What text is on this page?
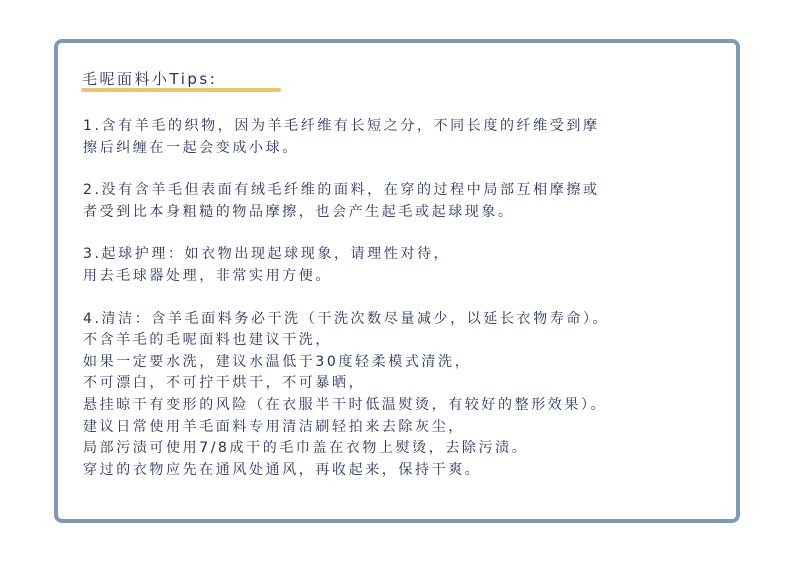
毛呢面料小Tips:
1.含有羊毛的织物，因为羊毛纤维有长短之分，不同长度的纤维受到摩
擦后纠缠在一起会变成小球。
2.没有含羊毛但表面有绒毛纤维的面料，在穿的过程中局部互相摩擦或
者受到比本身粗糙的物品摩擦，也会产生起毛或起球现象。
3.起球护理：如衣物出现起球现象，请理性对待，
用去毛球器处理，非常实用方便。
4.清洁：含羊毛面料务必干洗（干洗次数尽量减少，以延长衣物寿命）。
不含羊毛的毛呢面料也建议干洗，
如果一定要水洗，建议水温低于30度轻柔模式清洗，
不可漂白，不可拧干烘干，不可暴晒，
悬挂晾干有变形的风险（在衣服半干时低温熨烫，有较好的整形效果）。
建议日常使用羊毛面料专用清洁刷轻拍来去除灰尘，
局部污渍可使用7/8成干的毛巾盖在衣物上熨烫，去除污渍。
穿过的衣物应先在通风处通风，再收起来，保持干爽。
